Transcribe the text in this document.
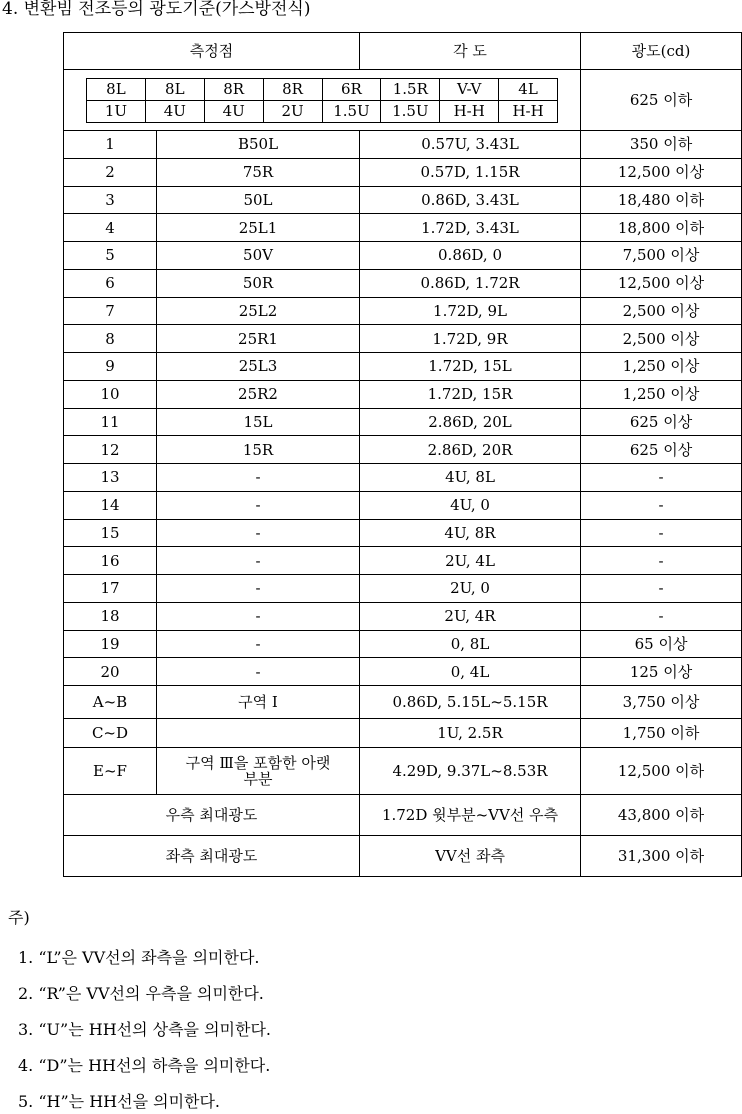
4. 변환빔 전조등의 광도기준(가스방전식)
측정점	각 도	광도(cd)

8L	8L	8R	8R	6R	1.5R	V-V	4L
1U	4U	4U	2U	1.5U	1.5U	H-H	H-H
	625 이하
1	B50L	0.57U, 3.43L	350 이하
2	75R	0.57D, 1.15R	12,500 이상
3	50L	0.86D, 3.43L	18,480 이하
4	25L1	1.72D, 3.43L	18,800 이하
5	50V	0.86D, 0	7,500 이상
6	50R	0.86D, 1.72R	12,500 이상
7	25L2	1.72D, 9L	2,500 이상
8	25R1	1.72D, 9R	2,500 이상
9	25L3	1.72D, 15L	1,250 이상
10	25R2	1.72D, 15R	1,250 이상
11	15L	2.86D, 20L	625 이상
12	15R	2.86D, 20R	625 이상
13	-	4U, 8L	-
14	-	4U, 0	-
15	-	4U, 8R	-
16	-	2U, 4L	-
17	-	2U, 0	-
18	-	2U, 4R	-
19	-	0, 8L	65 이상
20	-	0, 4L	125 이상
A~B	구역 Ⅰ	0.86D, 5.15L~5.15R	3,750 이상
C~D		1U, 2.5R	1,750 이하
E~F	구역 Ⅲ을 포함한 아랫부분	4.29D, 9.37L~8.53R	12,500 이하
우측 최대광도	1.72D 윗부분~VV선 우측	43,800 이하
좌측 최대광도	VV선 좌측	31,300 이하
주)
1. “L”은 VV선의 좌측을 의미한다.
2. “R”은 VV선의 우측을 의미한다.
3. “U”는 HH선의 상측을 의미한다.
4. “D”는 HH선의 하측을 의미한다.
5. “H”는 HH선을 의미한다.
